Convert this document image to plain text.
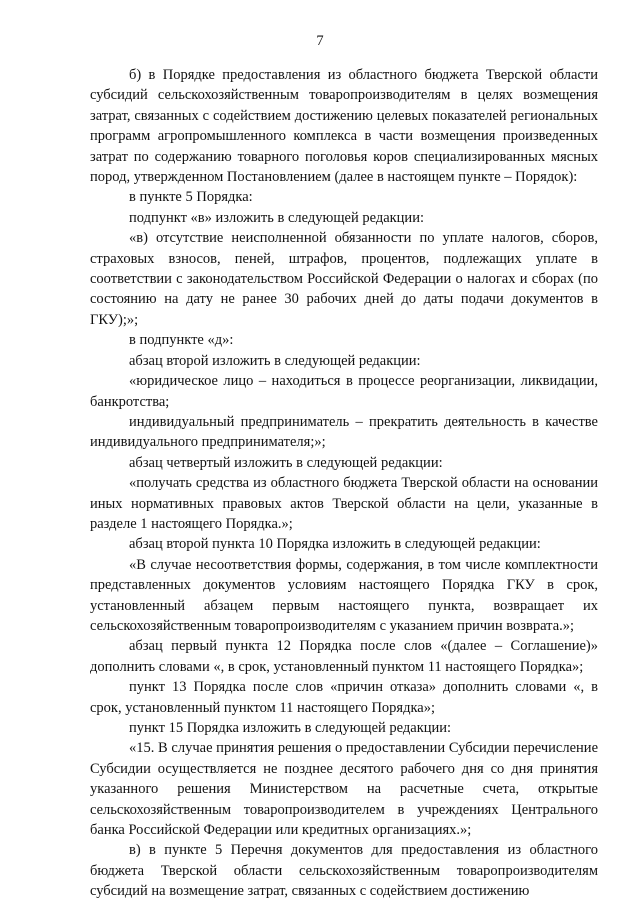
7

б) в Порядке предоставления из областного бюджета Тверской области субсидий сельскохозяйственным товаропроизводителям в целях возмещения затрат, связанных с содействием достижению целевых показателей региональных программ агропромышленного комплекса в части возмещения произведенных затрат по содержанию товарного поголовья коров специализированных мясных пород, утвержденном Постановлением (далее в настоящем пункте – Порядок):

в пункте 5 Порядка:

подпункт «в» изложить в следующей редакции:

«в) отсутствие неисполненной обязанности по уплате налогов, сборов, страховых взносов, пеней, штрафов, процентов, подлежащих уплате в соответствии с законодательством Российской Федерации о налогах и сборах (по состоянию на дату не ранее 30 рабочих дней до даты подачи документов в ГКУ);»;

в подпункте «д»:

абзац второй изложить в следующей редакции:

«юридическое лицо – находиться в процессе реорганизации, ликвидации, банкротства;

индивидуальный предприниматель – прекратить деятельность в качестве индивидуального предпринимателя;»;

абзац четвертый изложить в следующей редакции:

«получать средства из областного бюджета Тверской области на основании иных нормативных правовых актов Тверской области на цели, указанные в разделе 1 настоящего Порядка.»;

абзац второй пункта 10 Порядка изложить в следующей редакции:

«В случае несоответствия формы, содержания, в том числе комплектности представленных документов условиям настоящего Порядка ГКУ в срок, установленный абзацем первым настоящего пункта, возвращает их сельскохозяйственным товаропроизводителям с указанием причин возврата.»;

абзац первый пункта 12 Порядка после слов «(далее – Соглашение)» дополнить словами «, в срок, установленный пунктом 11 настоящего Порядка»;

пункт 13 Порядка после слов «причин отказа» дополнить словами «, в срок, установленный пунктом 11 настоящего Порядка»;

пункт 15 Порядка изложить в следующей редакции:

«15. В случае принятия решения о предоставлении Субсидии перечисление Субсидии осуществляется не позднее десятого рабочего дня со дня принятия указанного решения Министерством на расчетные счета, открытые сельскохозяйственным товаропроизводителем в учреждениях Центрального банка Российской Федерации или кредитных организациях.»;

в) в пункте 5 Перечня документов для предоставления из областного бюджета Тверской области сельскохозяйственным товаропроизводителям субсидий на возмещение затрат, связанных с содействием достижению
